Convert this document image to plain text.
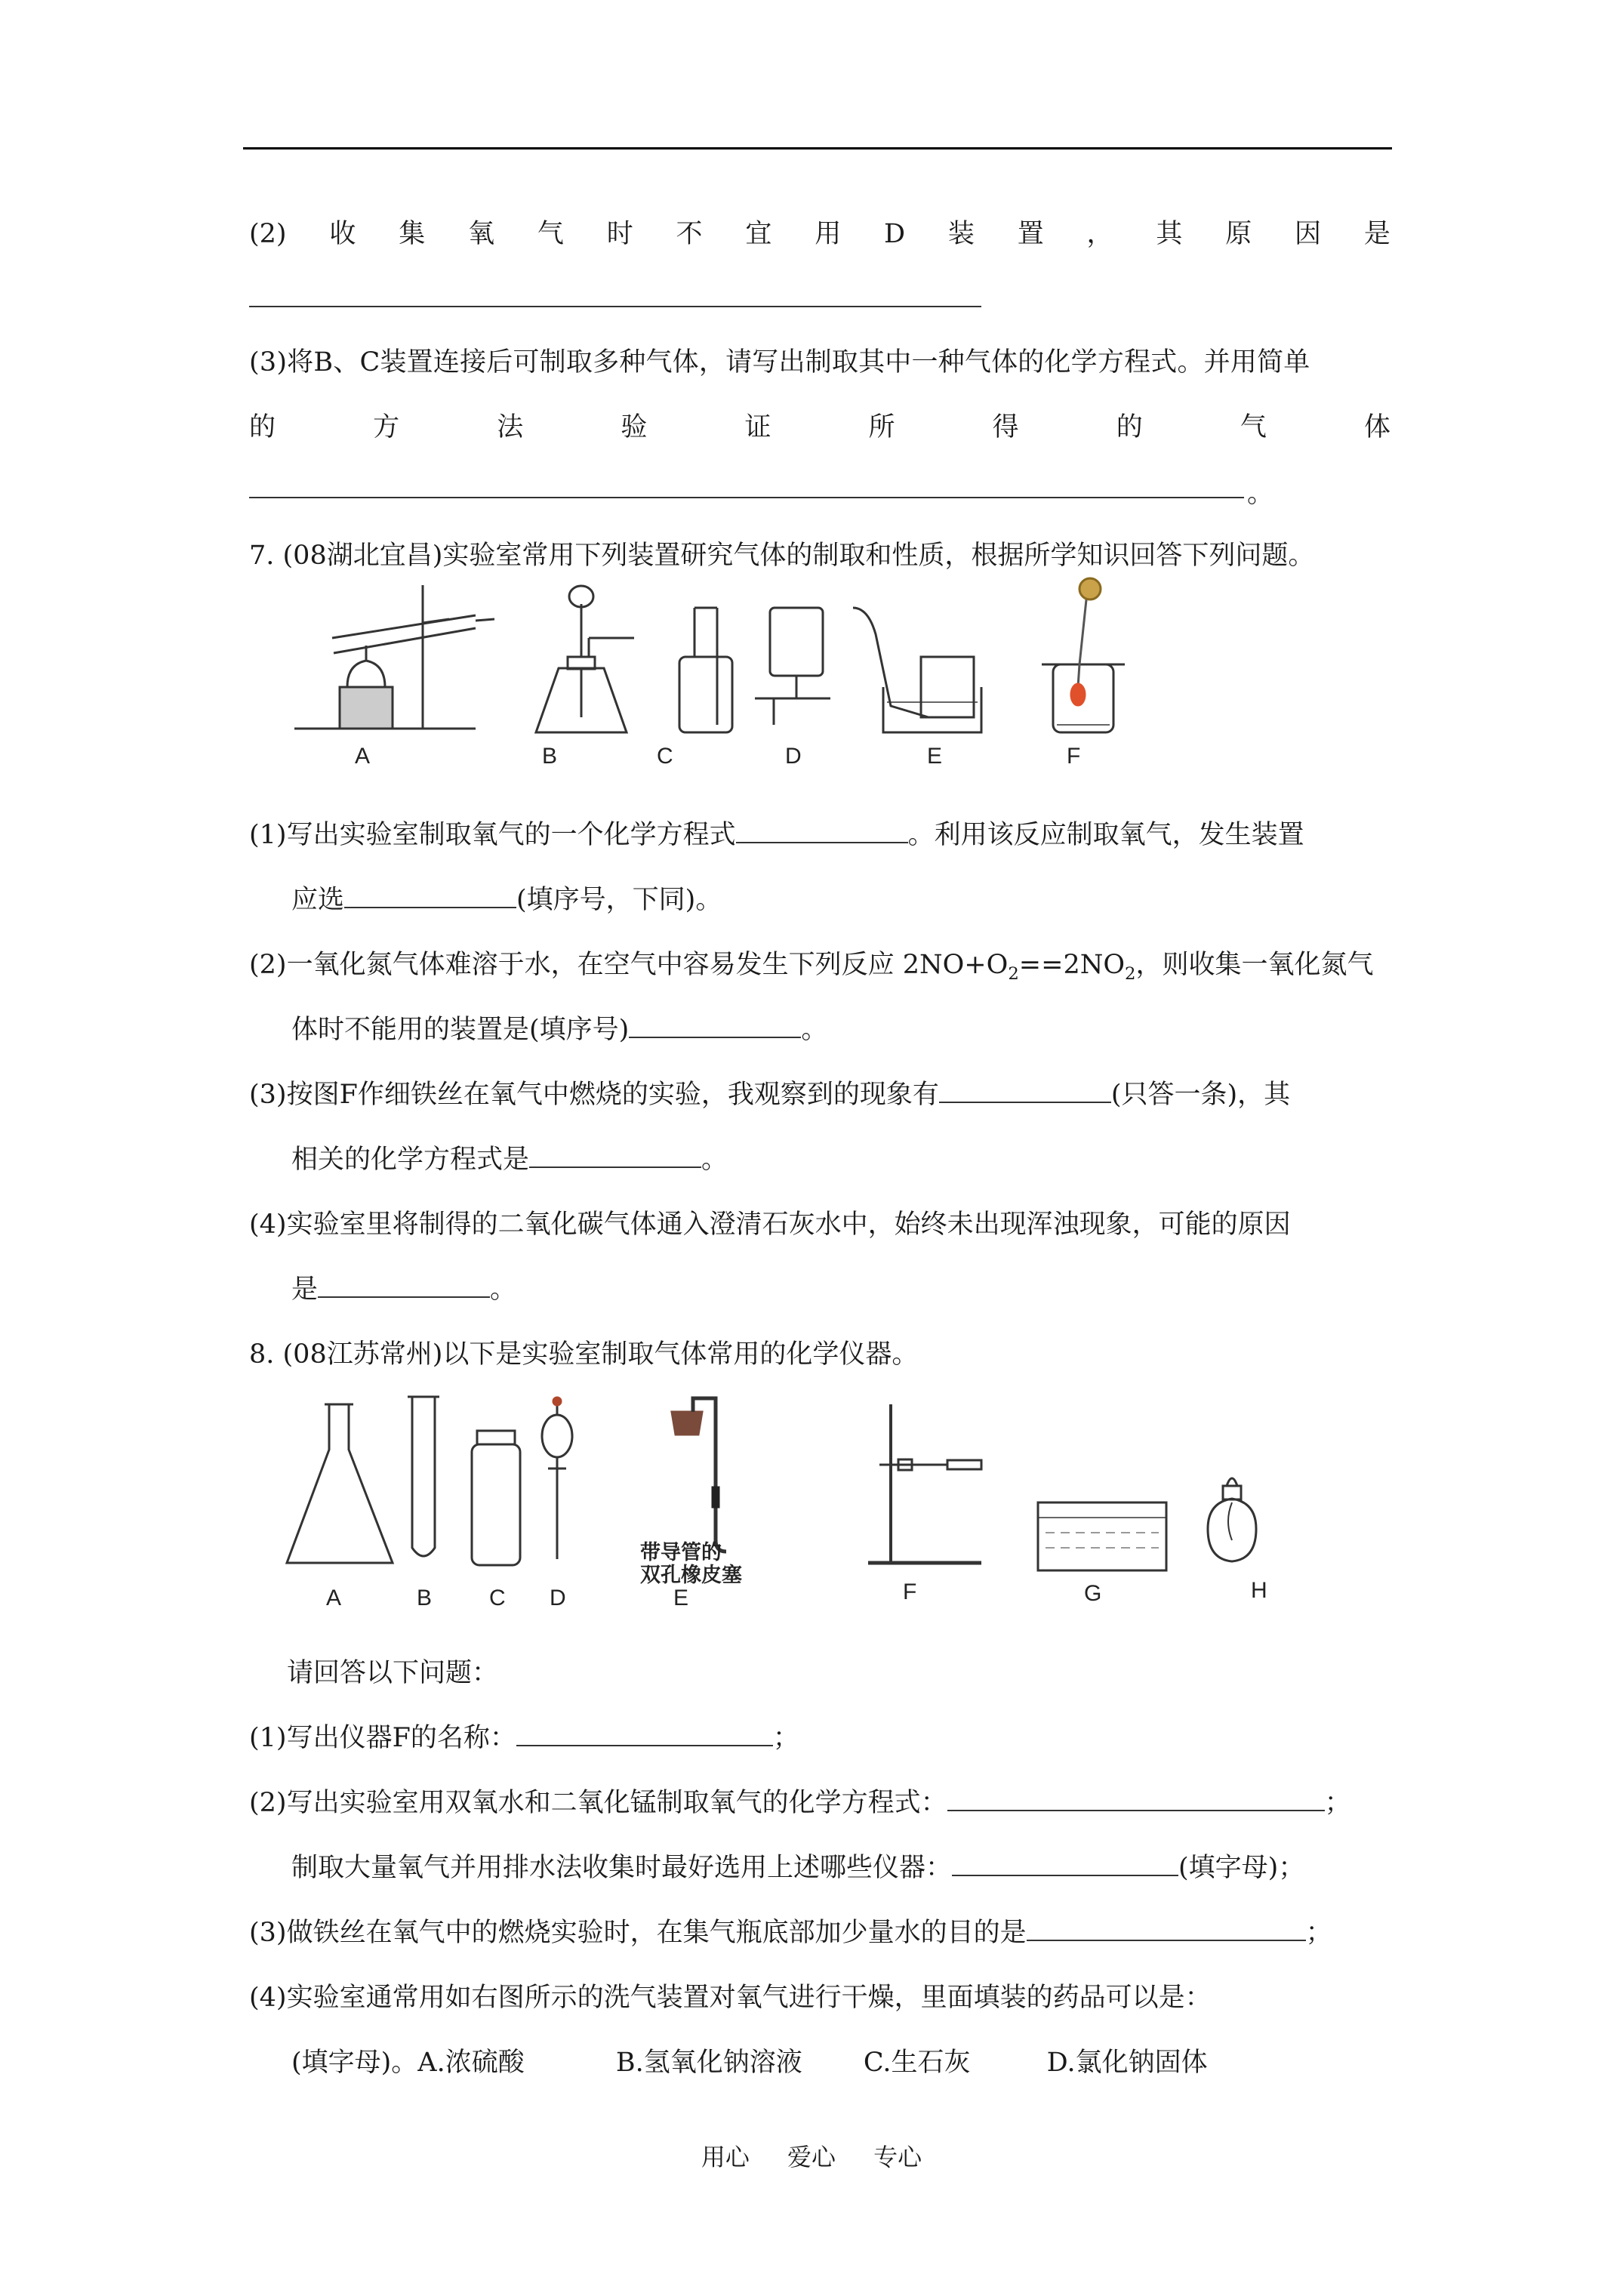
(2) 收 集 氧 气 时 不 宜 用 D 装 置 ， 其 原 因 是
(3)将B、C装置连接后可制取多种气体，请写出制取其中一种气体的化学方程式。并用简单
的	方	法	验	证	所	得	的	气	体
。
7. (08湖北宜昌)实验室常用下列装置研究气体的制取和性质，根据所学知识回答下列问题。
A	B	C	D	E	F
(1)写出实验室制取氧气的一个化学方程式	。利用该反应制取氧气，发生装置
应选	(填序号，下同)。
(2)一氧化氮气体难溶于水，在空气中容易发生下列反应 $2NO+O_2==2NO_2$，则收集一氧化氮气
体时不能用的装置是(填序号)	。
(3)按图F作细铁丝在氧气中燃烧的实验，我观察到的现象有	(只答一条)，其
相关的化学方程式是	。
(4)实验室里将制得的二氧化碳气体通入澄清石灰水中，始终未出现浑浊现象，可能的原因
是	。
8. (08江苏常州)以下是实验室制取气体常用的化学仪器。
带导管的
双孔橡皮塞
A	B	C D	E	F	G	H
请回答以下问题：
(1)写出仪器F的名称：	；
(2)写出实验室用双氧水和二氧化锰制取氧气的化学方程式：	；
制取大量氧气并用排水法收集时最好选用上述哪些仪器：	(填字母)；
(3)做铁丝在氧气中的燃烧实验时，在集气瓶底部加少量水的目的是	；
(4)实验室通常用如右图所示的洗气装置对氧气进行干燥，里面填装的药品可以是：
(填字母)。A.浓硫酸	B.氢氧化钠溶液 C.生石灰	D.氯化钠固体
用心 爱心 专心
